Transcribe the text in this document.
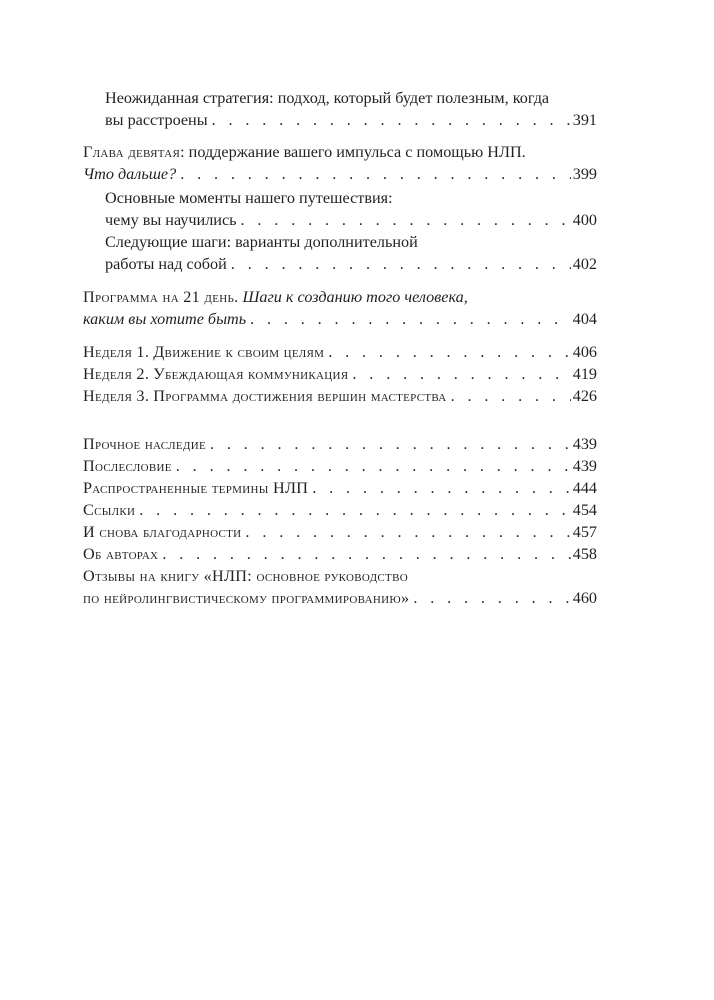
Неожиданная стратегия: подход, который будет полезным, когда
вы расстроены . . .	391
Глава девятая: поддержание вашего импульса с помощью НЛП.
Что дальше? . . .	399
Основные моменты нашего путешествия:
чему вы научились . . .	400
Следующие шаги: варианты дополнительной
работы над собой . . .	402
Программа на 21 день. Шаги к созданию того человека,
каким вы хотите быть . . .	404
Неделя 1. Движение к своим целям . . .	406
Неделя 2. Убеждающая коммуникация . . .	419
Неделя 3. Программа достижения вершин мастерства . . .	426
Прочное наследие . . .	439
Послесловие . . .	439
Распространенные термины НЛП . . .	444
Ссылки . . .	454
И снова благодарности . . .	457
Об авторах . . .	458
Отзывы на книгу «НЛП: основное руководство
по нейролингвистическому программированию» . . .	460
